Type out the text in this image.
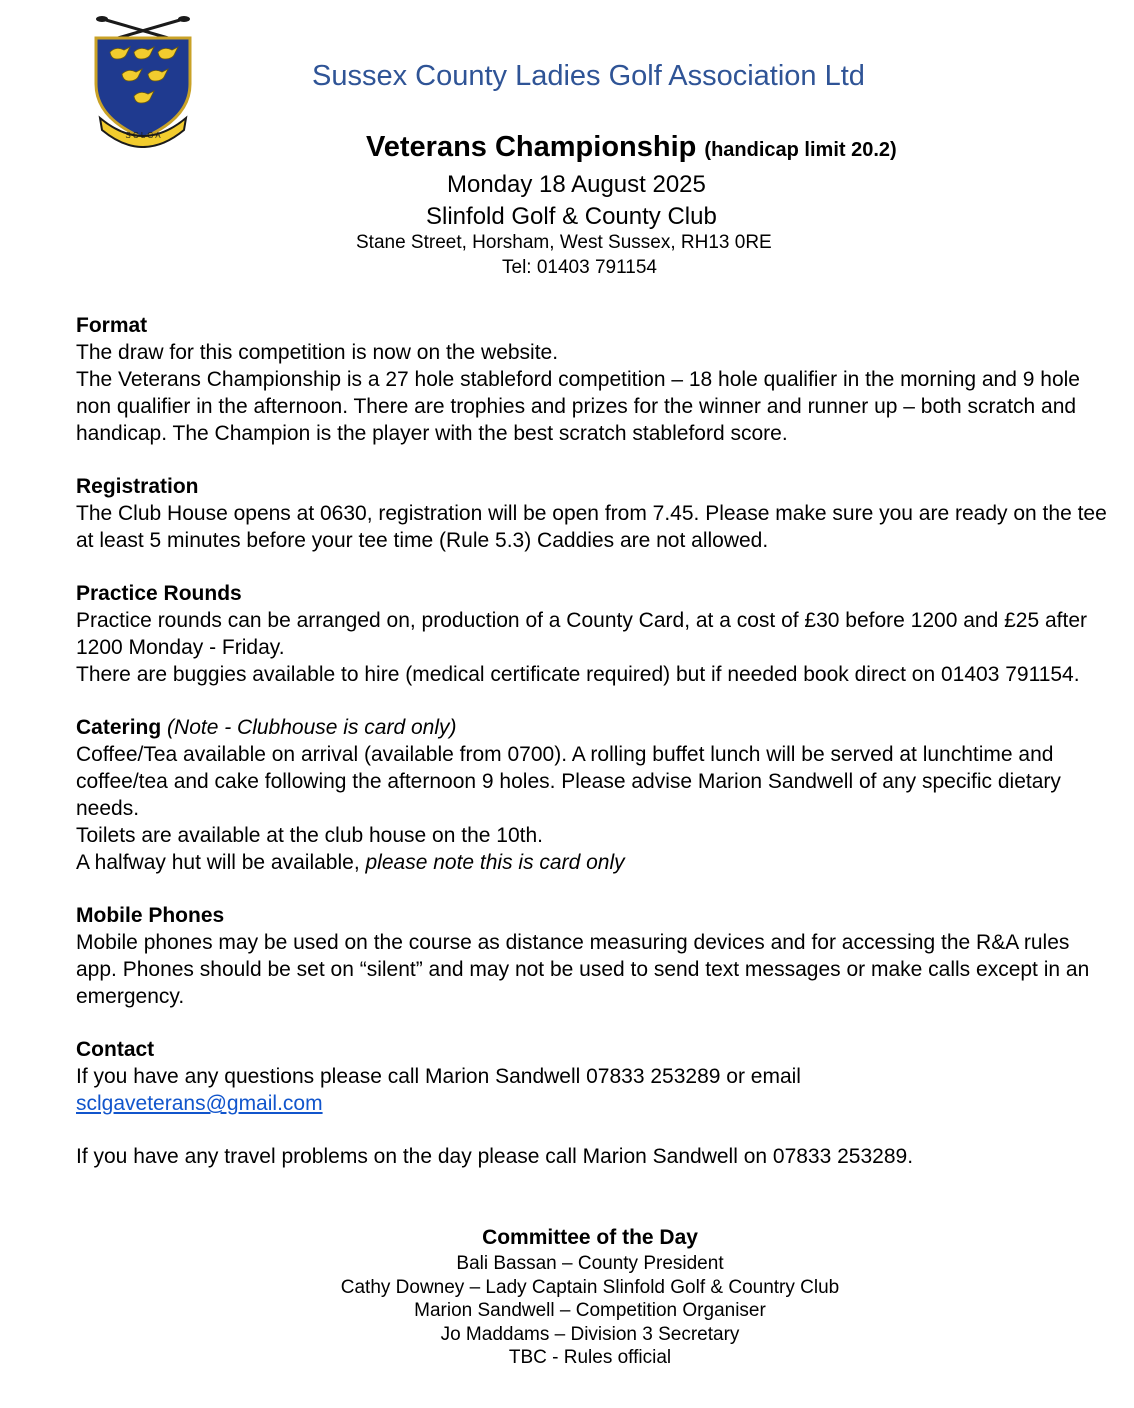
S C L G A
Sussex County Ladies Golf Association Ltd
Veterans Championship (handicap limit 20.2)
Monday 18 August 2025
Slinfold Golf & County Club
Stane Street, Horsham, West Sussex, RH13 0RE
Tel: 01403 791154
Format

The draw for this competition is now on the website.

The Veterans Championship is a 27 hole stableford competition – 18 hole qualifier in the morning and 9 hole non qualifier in the afternoon. There are trophies and prizes for the winner and runner up – both scratch and handicap. The Champion is the player with the best scratch stableford score.

Registration

The Club House opens at 0630, registration will be open from 7.45. Please make sure you are ready on the tee at least 5 minutes before your tee time (Rule 5.3) Caddies are not allowed.

Practice Rounds

Practice rounds can be arranged on, production of a County Card, at a cost of £30 before 1200 and £25 after 1200 Monday - Friday.

There are buggies available to hire (medical certificate required) but if needed book direct on 01403 791154.

Catering (Note - Clubhouse is card only)

Coffee/Tea available on arrival (available from 0700). A rolling buffet lunch will be served at lunchtime and coffee/tea and cake following the afternoon 9 holes. Please advise Marion Sandwell of any specific dietary needs.

Toilets are available at the club house on the 10th.

A halfway hut will be available, please note this is card only

Mobile Phones

Mobile phones may be used on the course as distance measuring devices and for accessing the R&A rules app. Phones should be set on “silent” and may not be used to send text messages or make calls except in an emergency.

Contact

If you have any questions please call Marion Sandwell 07833 253289 or email

sclgaveterans@gmail.com

If you have any travel problems on the day please call Marion Sandwell on 07833 253289.

Committee of the Day
Bali Bassan – County President
Cathy Downey – Lady Captain Slinfold Golf & Country Club
Marion Sandwell – Competition Organiser
Jo Maddams – Division 3 Secretary
TBC - Rules official
